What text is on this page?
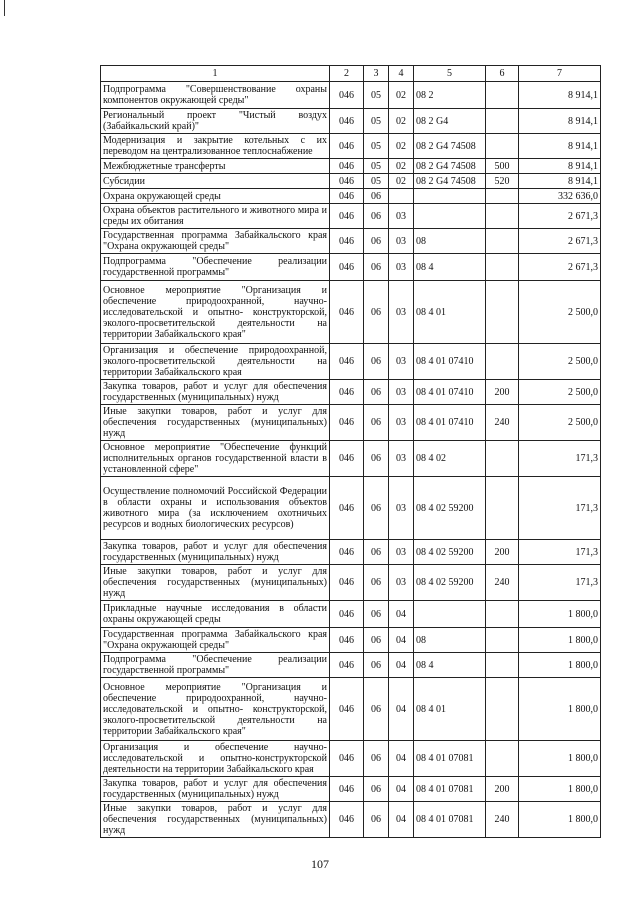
1	2	3	4	5	6	7
Подпрограмма "Совершенствование охраны компонентов окружающей среды"	046	05	02	08 2		8 914,1
Региональный проект "Чистый воздух (Забайкальский край)"	046	05	02	08 2 G4		8 914,1
Модернизация и закрытие котельных с их переводом на централизованное теплоснабжение	046	05	02	08 2 G4 74508		8 914,1
Межбюджетные трансферты	046	05	02	08 2 G4 74508	500	8 914,1
Субсидии	046	05	02	08 2 G4 74508	520	8 914,1
Охрана окружающей среды	046	06				332 636,0
Охрана объектов растительного и животного мира и среды их обитания	046	06	03			2 671,3
Государственная программа Забайкальского края "Охрана окружающей среды"	046	06	03	08		2 671,3
Подпрограмма "Обеспечение реализации государственной программы"	046	06	03	08 4		2 671,3
Основное мероприятие "Организация и обеспечение природоохранной, научно-исследовательской и опытно- конструкторской, эколого-просветительской деятельности на территории Забайкальского края"	046	06	03	08 4 01		2 500,0
Организация и обеспечение природоохранной, эколого-просветительской деятельности на территории Забайкальского края	046	06	03	08 4 01 07410		2 500,0
Закупка товаров, работ и услуг для обеспечения государственных (муниципальных) нужд	046	06	03	08 4 01 07410	200	2 500,0
Иные закупки товаров, работ и услуг для обеспечения государственных (муниципальных) нужд	046	06	03	08 4 01 07410	240	2 500,0
Основное мероприятие "Обеспечение функций исполнительных органов государственной власти в установленной сфере"	046	06	03	08 4 02		171,3
Осуществление полномочий Российской Федерации в области охраны и использования объектов животного мира (за исключением охотничьих ресурсов и водных биологических ресурсов)	046	06	03	08 4 02 59200		171,3
Закупка товаров, работ и услуг для обеспечения государственных (муниципальных) нужд	046	06	03	08 4 02 59200	200	171,3
Иные закупки товаров, работ и услуг для обеспечения государственных (муниципальных) нужд	046	06	03	08 4 02 59200	240	171,3
Прикладные научные исследования в области охраны окружающей среды	046	06	04			1 800,0
Государственная программа Забайкальского края "Охрана окружающей среды"	046	06	04	08		1 800,0
Подпрограмма "Обеспечение реализации государственной программы"	046	06	04	08 4		1 800,0
Основное мероприятие "Организация и обеспечение природоохранной, научно-исследовательской и опытно- конструкторской, эколого-просветительской деятельности на территории Забайкальского края"	046	06	04	08 4 01		1 800,0
Организация и обеспечение научно-исследовательской и опытно-конструкторской деятельности на территории Забайкальского края	046	06	04	08 4 01 07081		1 800,0
Закупка товаров, работ и услуг для обеспечения государственных (муниципальных) нужд	046	06	04	08 4 01 07081	200	1 800,0
Иные закупки товаров, работ и услуг для обеспечения государственных (муниципальных) нужд	046	06	04	08 4 01 07081	240	1 800,0
107
